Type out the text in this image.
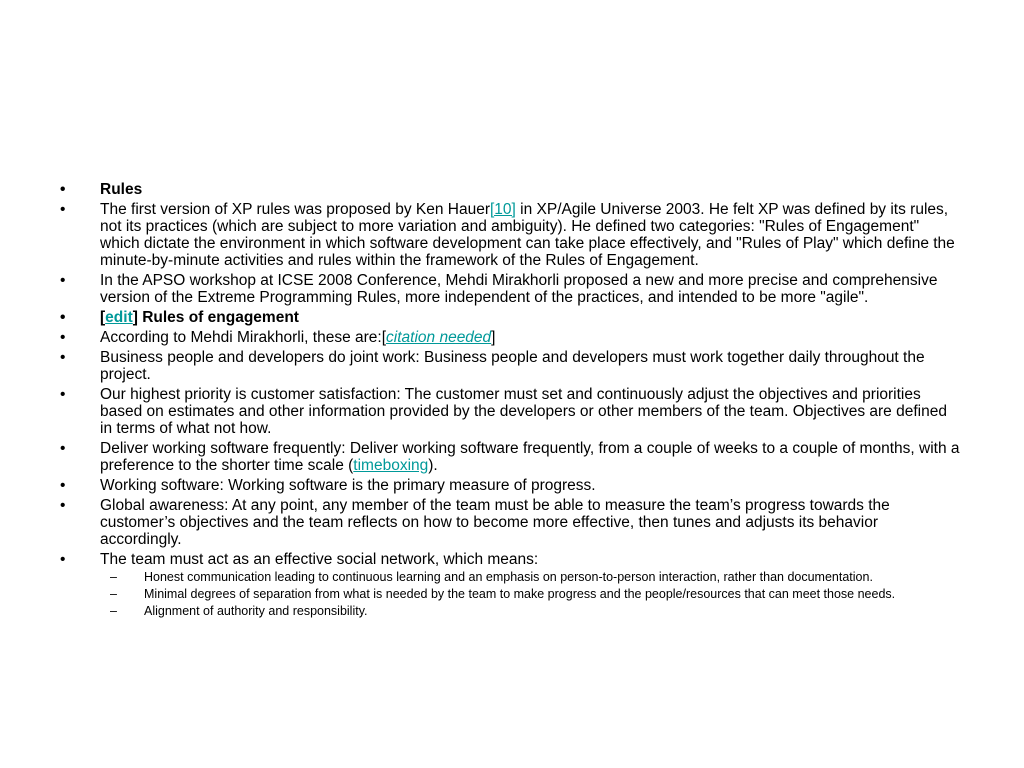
• Rules
• The first version of XP rules was proposed by Ken Hauer[10] in XP/Agile Universe 2003. He felt XP was defined by its rules, not its practices (which are subject to more variation and ambiguity). He defined two categories: "Rules of Engagement" which dictate the environment in which software development can take place effectively, and "Rules of Play" which define the minute-by-minute activities and rules within the framework of the Rules of Engagement.
• In the APSO workshop at ICSE 2008 Conference, Mehdi Mirakhorli proposed a new and more precise and comprehensive version of the Extreme Programming Rules, more independent of the practices, and intended to be more "agile".
• [edit] Rules of engagement
• According to Mehdi Mirakhorli, these are:[citation needed]
• Business people and developers do joint work: Business people and developers must work together daily throughout the project.
• Our highest priority is customer satisfaction: The customer must set and continuously adjust the objectives and priorities based on estimates and other information provided by the developers or other members of the team. Objectives are defined in terms of what not how.
• Deliver working software frequently: Deliver working software frequently, from a couple of weeks to a couple of months, with a preference to the shorter time scale (timeboxing).
• Working software: Working software is the primary measure of progress.
• Global awareness: At any point, any member of the team must be able to measure the team’s progress towards the customer’s objectives and the team reflects on how to become more effective, then tunes and adjusts its behavior accordingly.
• The team must act as an effective social network, which means:
– Honest communication leading to continuous learning and an emphasis on person-to-person interaction, rather than documentation.
– Minimal degrees of separation from what is needed by the team to make progress and the people/resources that can meet those needs.
– Alignment of authority and responsibility.
